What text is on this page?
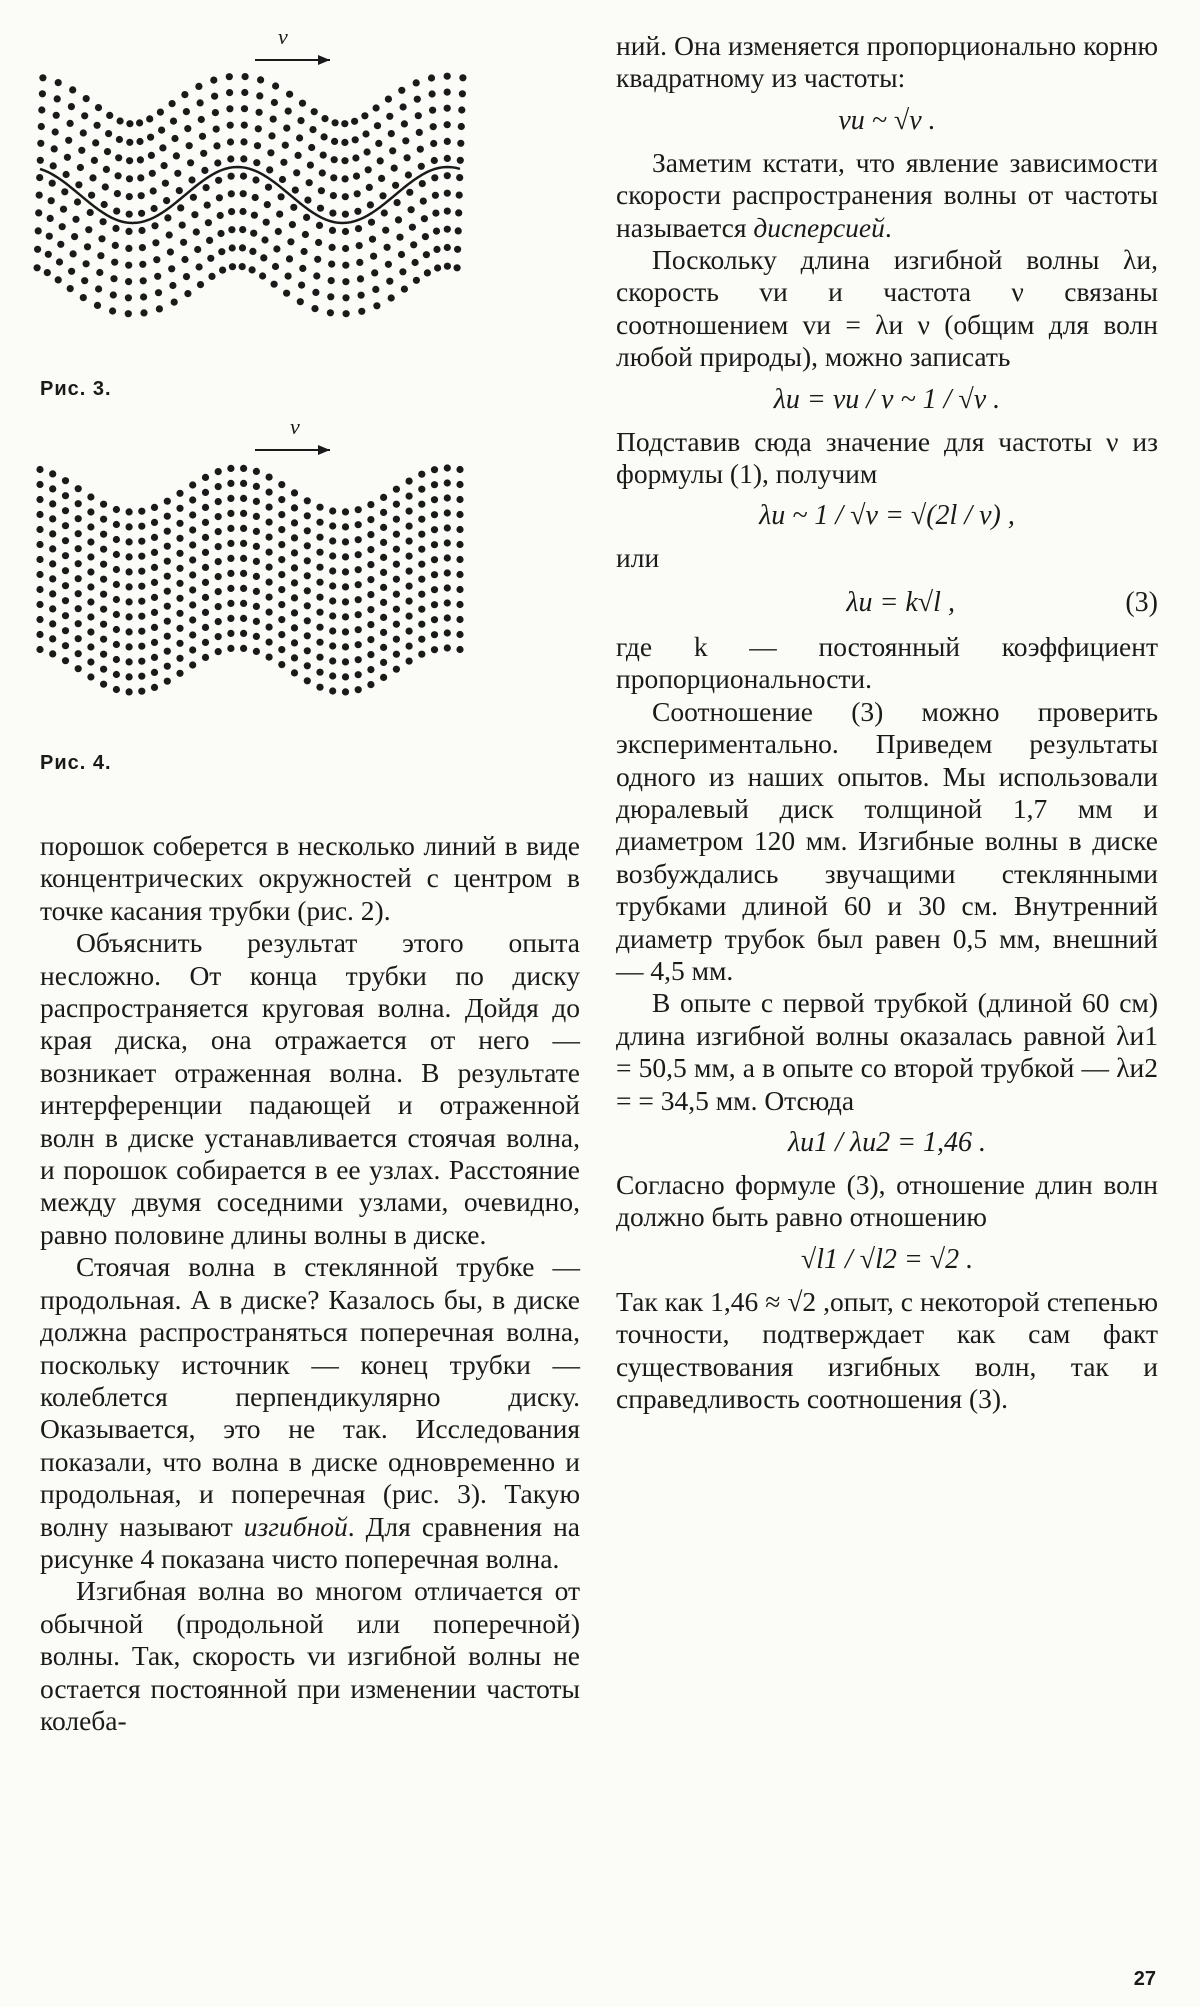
v
Рис. 3.
v
Рис. 4.

порошок соберется в несколько линий в виде концентрических окружностей с центром в точке касания трубки (рис. 2).

Объяснить результат этого опыта несложно. От конца трубки по диску распространяется круговая волна. Дойдя до края диска, она отражается от него — возникает отраженная волна. В результате интерференции падающей и отраженной волн в диске устанавливается стоячая волна, и порошок собирается в ее узлах. Расстояние между двумя соседними узлами, очевидно, равно половине длины волны в диске.

Стоячая волна в стеклянной трубке — продольная. А в диске? Казалось бы, в диске должна распространяться поперечная волна, поскольку источник — конец трубки — колеблется перпендикулярно диску. Оказывается, это не так. Исследования показали, что волна в диске одновременно и продольная, и поперечная (рис. 3). Такую волну называют изгибной. Для сравнения на рисунке 4 показана чисто поперечная волна.

Изгибная волна во многом отличается от обычной (продольной или поперечной) волны. Так, скорость vи изгибной волны не остается постоянной при изменении частоты колеба-

ний. Она изменяется пропорционально корню квадратному из частоты:

vи ~ √ν .

Заметим кстати, что явление зависимости скорости распространения волны от частоты называется дисперсией.

Поскольку длина изгибной волны λи, скорость vи и частота ν связаны соотношением vи = λи ν (общим для волн любой природы), можно записать

λи = vи / ν ~ 1 / √ν .

Подставив сюда значение для частоты ν из формулы (1), получим

λи ~ 1 / √ν = √(2l / v) ,

или

λи = k√l ,	(3)

где k — постоянный коэффициент пропорциональности.

Соотношение (3) можно проверить экспериментально. Приведем результаты одного из наших опытов. Мы использовали дюралевый диск толщиной 1,7 мм и диаметром 120 мм. Изгибные волны в диске возбуждались звучащими стеклянными трубками длиной 60 и 30 см. Внутренний диаметр трубок был равен 0,5 мм, внешний — 4,5 мм.

В опыте с первой трубкой (длиной 60 см) длина изгибной волны оказалась равной λи1 = 50,5 мм, а в опыте со второй трубкой — λи2 = = 34,5 мм. Отсюда

λи1 / λи2 = 1,46 .

Согласно формуле (3), отношение длин волн должно быть равно отношению

√l1 / √l2 = √2 .

Так как 1,46 ≈ √2 ,опыт, с некоторой степенью точности, подтверждает как сам факт существования изгибных волн, так и справедливость соотношения (3).

27
